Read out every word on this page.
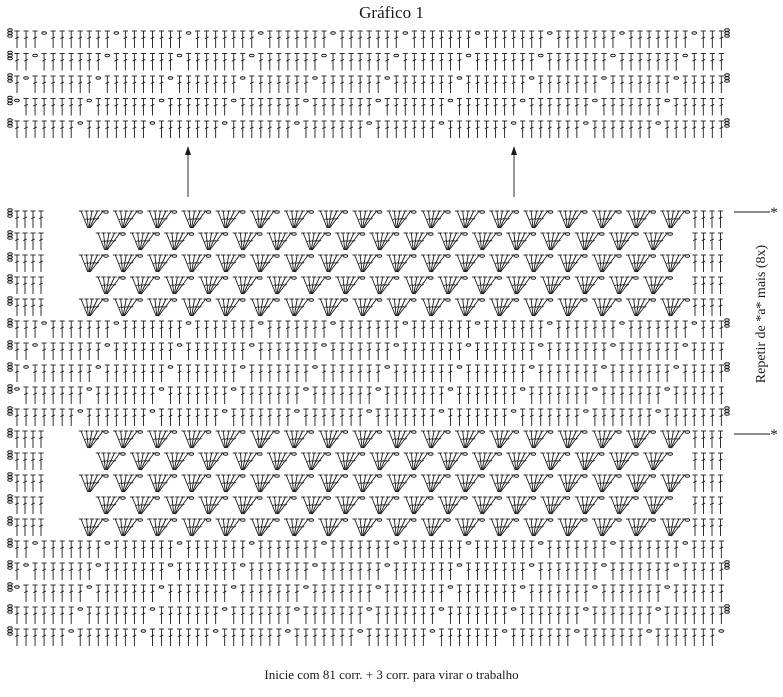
Gráfico 1
*
*
Repetir de *a* mais (8x)
Inicie com 81 corr. + 3 corr. para virar o trabalho
